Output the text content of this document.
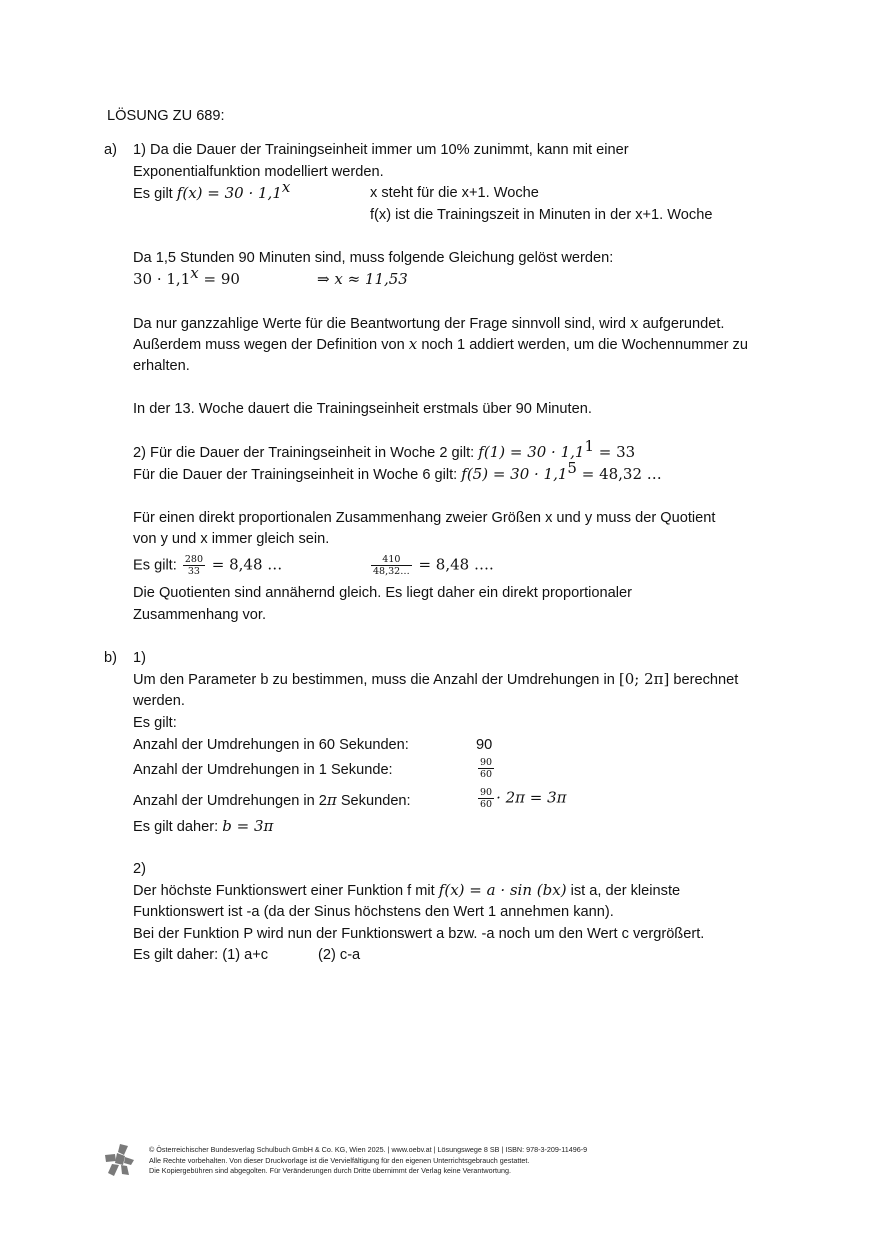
LÖSUNG ZU 689:
a) 1) Da die Dauer der Trainingseinheit immer um 10% zunimmt, kann mit einer
Exponentialfunktion modelliert werden.
Es gilt $f(x) = 30 \cdot 1,1^x$	x steht für die x+1. Woche
f(x) ist die Trainingszeit in Minuten in der x+1. Woche
Da 1,5 Stunden 90 Minuten sind, muss folgende Gleichung gelöst werden:
$30 \cdot 1,1^x = 90$	⇒ x ≈ 11,53
Da nur ganzzahlige Werte für die Beantwortung der Frage sinnvoll sind, wird x aufgerundet.
Außerdem muss wegen der Definition von x noch 1 addiert werden, um die Wochennummer zu
erhalten.
In der 13. Woche dauert die Trainingseinheit erstmals über 90 Minuten.
2) Für die Dauer der Trainingseinheit in Woche 2 gilt: $f(1) = 30 \cdot 1,1^1 = 33$
Für die Dauer der Trainingseinheit in Woche 6 gilt: $f(5) = 30 \cdot 1,1^5 = 48,32$ …
Für einen direkt proportionalen Zusammenhang zweier Größen x und y muss der Quotient
von y und x immer gleich sein.
Es gilt: $\frac{280}{33} = 8,48$ …	$\frac{410}{48,32\dots} = 8,48$ ….
Die Quotienten sind annähernd gleich. Es liegt daher ein direkt proportionaler
Zusammenhang vor.
b) 1)
Um den Parameter b zu bestimmen, muss die Anzahl der Umdrehungen in [0; 2π] berechnet
werden.
Es gilt:
Anzahl der Umdrehungen in 60 Sekunden:	90
Anzahl der Umdrehungen in 1 Sekunde:	$\frac{90}{60}$
Anzahl der Umdrehungen in 2π Sekunden:	$\frac{90}{60} \cdot 2\pi = 3\pi$
Es gilt daher: b = 3π
2)
Der höchste Funktionswert einer Funktion f mit f(x) = a · sin (bx) ist a, der kleinste
Funktionswert ist -a (da der Sinus höchstens den Wert 1 annehmen kann).
Bei der Funktion P wird nun der Funktionswert a bzw. -a noch um den Wert c vergrößert.
Es gilt daher: (1) a+c	(2) c-a
© Österreichischer Bundesverlag Schulbuch GmbH & Co. KG, Wien 2025. | www.oebv.at | Lösungswege 8 SB | ISBN: 978-3-209-11496-9
Alle Rechte vorbehalten. Von dieser Druckvorlage ist die Vervielfältigung für den eigenen Unterrichtsgebrauch gestattet.
Die Kopiergebühren sind abgegolten. Für Veränderungen durch Dritte übernimmt der Verlag keine Verantwortung.
